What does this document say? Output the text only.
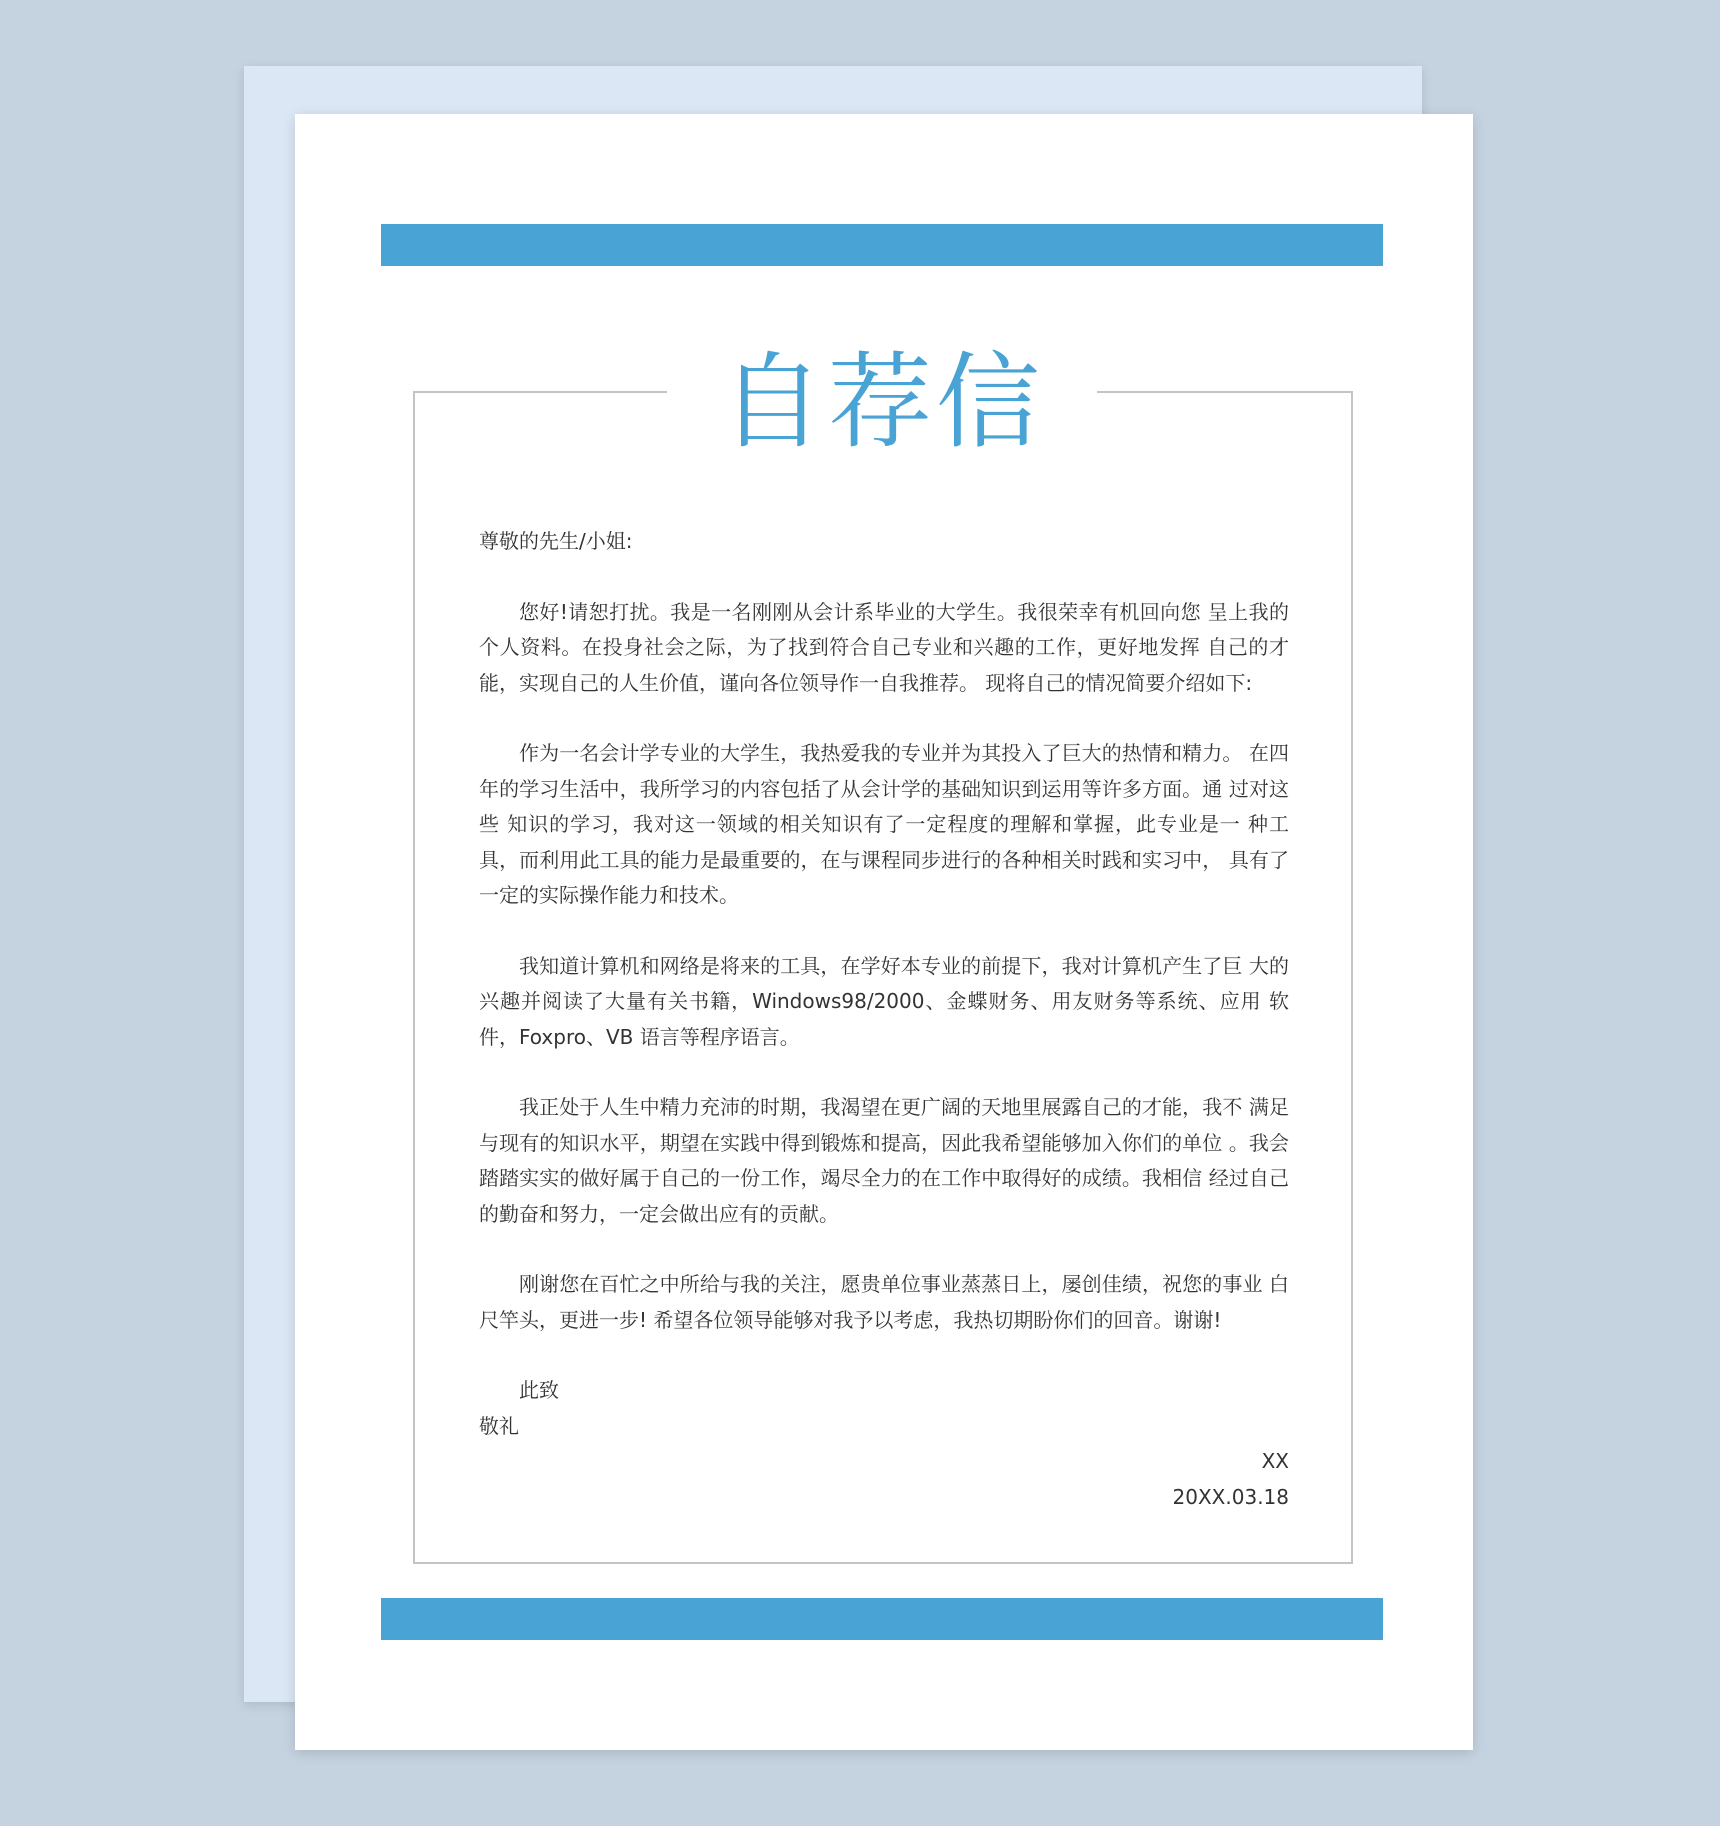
自荐信

尊敬的先生/小姐:

您好!请恕打扰。我是一名刚刚从会计系毕业的大学生。我很荣幸有机回向您 呈上我的个人资料。在投身社会之际，为了找到符合自己专业和兴趣的工作，更好地发挥 自己的才能，实现自己的人生价值，谨向各位领导作一自我推荐。 现将自己的情况简要介绍如下:

作为一名会计学专业的大学生，我热爱我的专业并为其投入了巨大的热情和精力。 在四年的学习生活中，我所学习的内容包括了从会计学的基础知识到运用等许多方面。通 过对这些 知识的学习，我对这一领域的相关知识有了一定程度的理解和掌握，此专业是一 种工具，而利用此工具的能力是最重要的，在与课程同步进行的各种相关时践和实习中， 具有了一定的实际操作能力和技术。

我知道计算机和网络是将来的工具，在学好本专业的前提下，我对计算机产生了巨 大的兴趣并阅读了大量有关书籍，Windows98/2000、金蝶财务、用友财务等系统、应用 软件，Foxpro、VB 语言等程序语言。

我正处于人生中精力充沛的时期，我渴望在更广阔的天地里展露自己的才能，我不 满足与现有的知识水平，期望在实践中得到锻炼和提高，因此我希望能够加入你们的单位 。我会踏踏实实的做好属于自己的一份工作，竭尽全力的在工作中取得好的成绩。我相信 经过自己的勤奋和努力，一定会做出应有的贡献。

刚谢您在百忙之中所给与我的关注，愿贵单位事业蒸蒸日上，屡创佳绩，祝您的事业 白尺竿头，更进一步! 希望各位领导能够对我予以考虑，我热切期盼你们的回音。谢谢!

此致

敬礼

XX

20XX.03.18
